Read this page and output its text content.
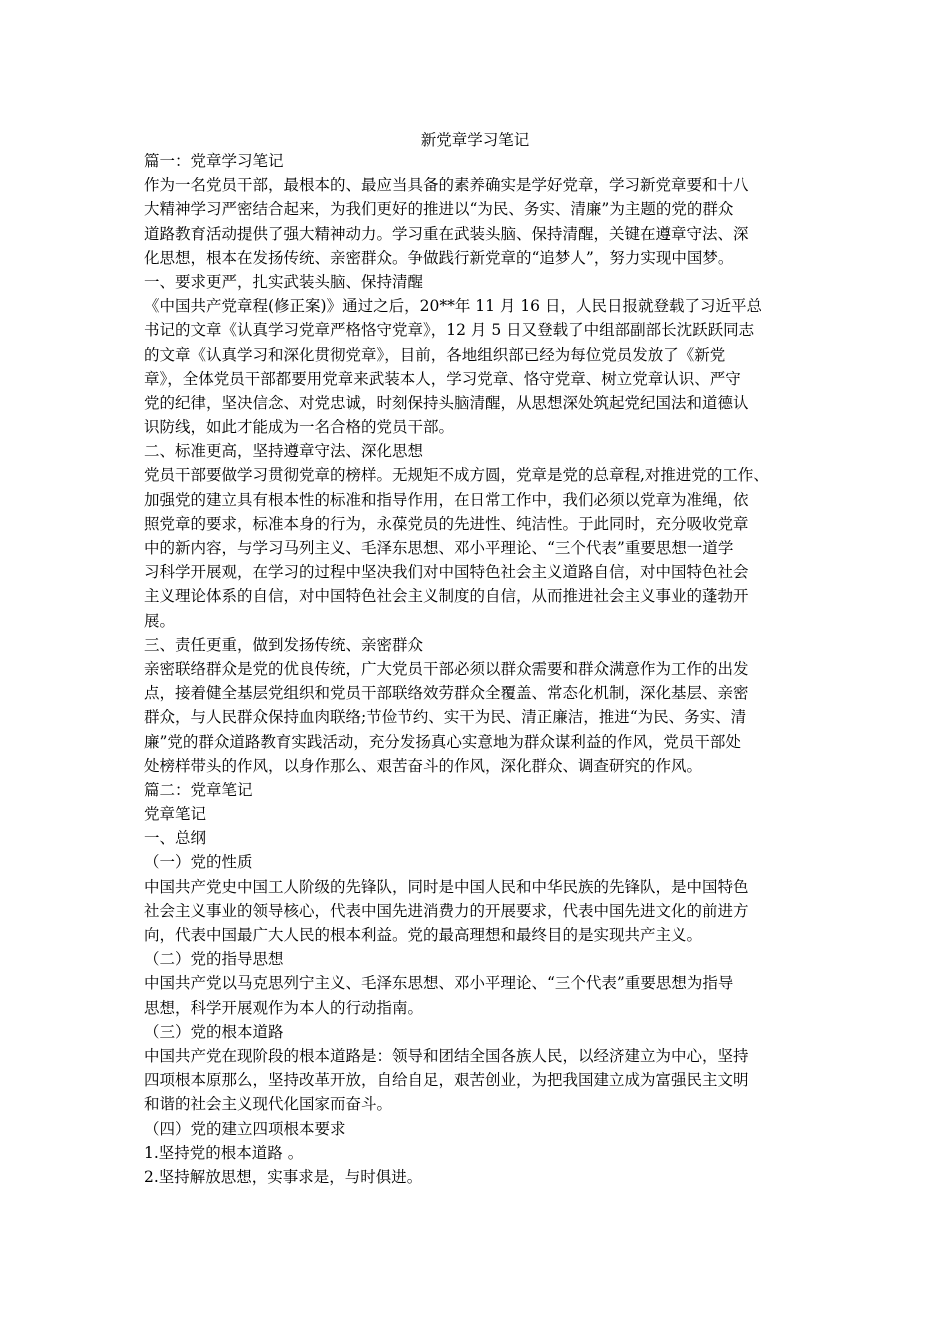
新党章学习笔记
篇一：党章学习笔记
作为一名党员干部，最根本的、最应当具备的素养确实是学好党章，学习新党章要和十八
大精神学习严密结合起来，为我们更好的推进以“为民、务实、清廉”为主题的党的群众
道路教育活动提供了强大精神动力。学习重在武装头脑、保持清醒，关键在遵章守法、深
化思想，根本在发扬传统、亲密群众。争做践行新党章的“追梦人”，努力实现中国梦。
一、要求更严，扎实武装头脑、保持清醒
《中国共产党章程(修正案)》通过之后，20**年 11 月 16 日，人民日报就登载了习近平总
书记的文章《认真学习党章严格恪守党章》，12 月 5 日又登载了中组部副部长沈跃跃同志
的文章《认真学习和深化贯彻党章》，目前，各地组织部已经为每位党员发放了《新党
章》，全体党员干部都要用党章来武装本人，学习党章、恪守党章、树立党章认识、严守
党的纪律，坚决信念、对党忠诚，时刻保持头脑清醒，从思想深处筑起党纪国法和道德认
识防线，如此才能成为一名合格的党员干部。
二、标准更高，坚持遵章守法、深化思想
党员干部要做学习贯彻党章的榜样。无规矩不成方圆，党章是党的总章程,对推进党的工作、
加强党的建立具有根本性的标准和指导作用，在日常工作中，我们必须以党章为准绳，依
照党章的要求，标准本身的行为，永葆党员的先进性、纯洁性。于此同时，充分吸收党章
中的新内容，与学习马列主义、毛泽东思想、邓小平理论、“三个代表”重要思想一道学
习科学开展观，在学习的过程中坚决我们对中国特色社会主义道路自信，对中国特色社会
主义理论体系的自信，对中国特色社会主义制度的自信，从而推进社会主义事业的蓬勃开
展。
三、责任更重，做到发扬传统、亲密群众
亲密联络群众是党的优良传统，广大党员干部必须以群众需要和群众满意作为工作的出发
点，接着健全基层党组织和党员干部联络效劳群众全覆盖、常态化机制，深化基层、亲密
群众，与人民群众保持血肉联络;节俭节约、实干为民、清正廉洁，推进“为民、务实、清
廉”党的群众道路教育实践活动，充分发扬真心实意地为群众谋利益的作风，党员干部处
处榜样带头的作风，以身作那么、艰苦奋斗的作风，深化群众、调查研究的作风。
篇二：党章笔记
党章笔记
一、总纲
（一）党的性质
中国共产党史中国工人阶级的先锋队，同时是中国人民和中华民族的先锋队，是中国特色
社会主义事业的领导核心，代表中国先进消费力的开展要求，代表中国先进文化的前进方
向，代表中国最广大人民的根本利益。党的最高理想和最终目的是实现共产主义。
（二）党的指导思想
中国共产党以马克思列宁主义、毛泽东思想、邓小平理论、“三个代表”重要思想为指导
思想，科学开展观作为本人的行动指南。
（三）党的根本道路
中国共产党在现阶段的根本道路是：领导和团结全国各族人民，以经济建立为中心，坚持
四项根本原那么，坚持改革开放，自给自足，艰苦创业，为把我国建立成为富强民主文明
和谐的社会主义现代化国家而奋斗。
（四）党的建立四项根本要求
1.坚持党的根本道路 。
2.坚持解放思想，实事求是，与时俱进。
